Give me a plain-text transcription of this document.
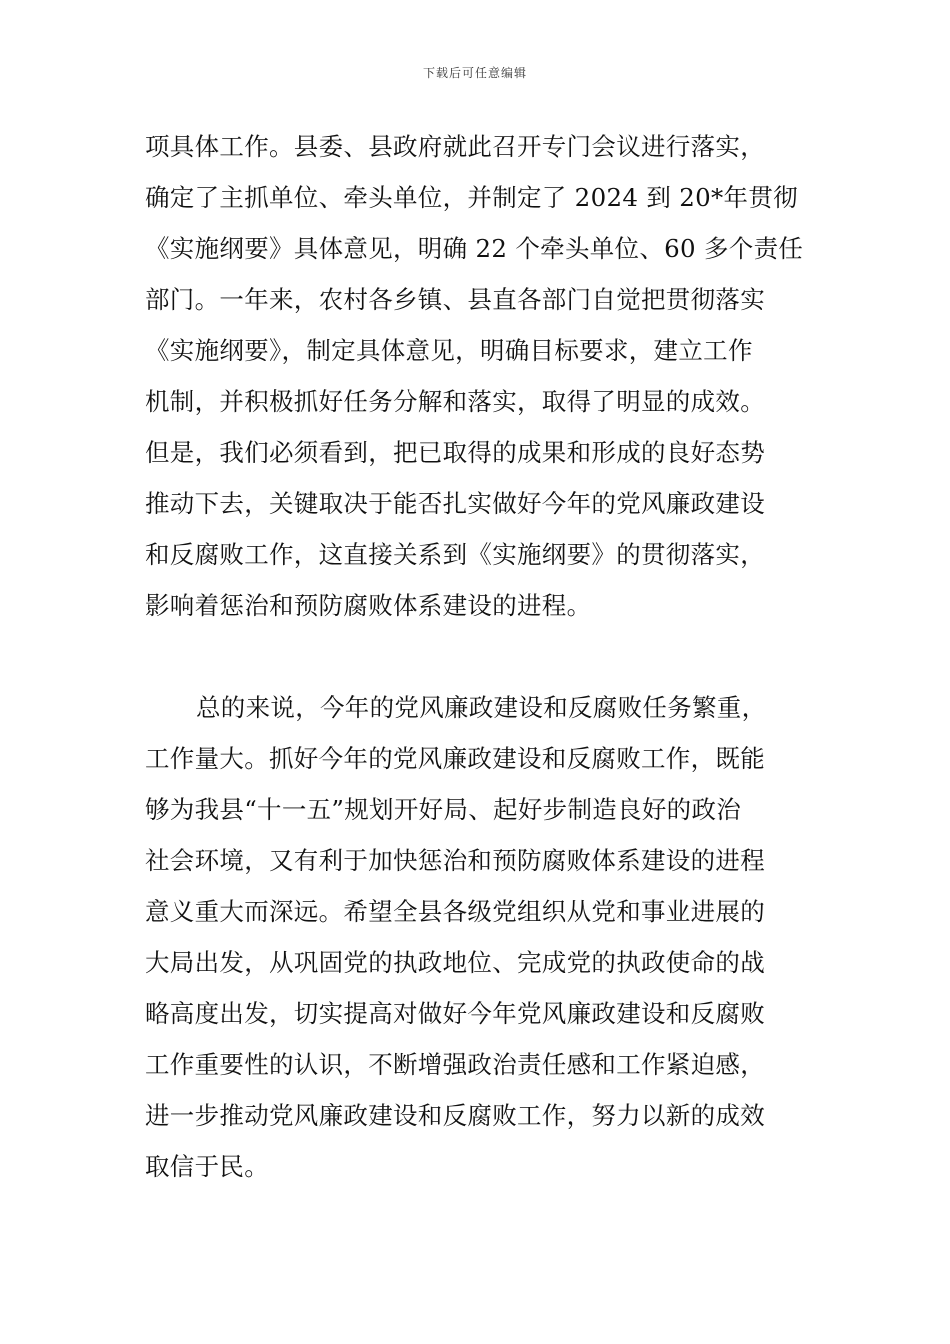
下载后可任意编辑
项具体工作。县委、县政府就此召开专门会议进行落实，
确定了主抓单位、牵头单位，并制定了 2024 到 20*年贯彻
《实施纲要》具体意见，明确 22 个牵头单位、60 多个责任
部门。一年来，农村各乡镇、县直各部门自觉把贯彻落实
《实施纲要》，制定具体意见，明确目标要求，建立工作
机制，并积极抓好任务分解和落实，取得了明显的成效。
但是，我们必须看到，把已取得的成果和形成的良好态势
推动下去，关键取决于能否扎实做好今年的党风廉政建设
和反腐败工作，这直接关系到《实施纲要》的贯彻落实，
影响着惩治和预防腐败体系建设的进程。
总的来说，今年的党风廉政建设和反腐败任务繁重，
工作量大。抓好今年的党风廉政建设和反腐败工作，既能
够为我县“十一五”规划开好局、起好步制造良好的政治
社会环境，又有利于加快惩治和预防腐败体系建设的进程
意义重大而深远。希望全县各级党组织从党和事业进展的
大局出发，从巩固党的执政地位、完成党的执政使命的战
略高度出发，切实提高对做好今年党风廉政建设和反腐败
工作重要性的认识，不断增强政治责任感和工作紧迫感，
进一步推动党风廉政建设和反腐败工作，努力以新的成效
取信于民。
